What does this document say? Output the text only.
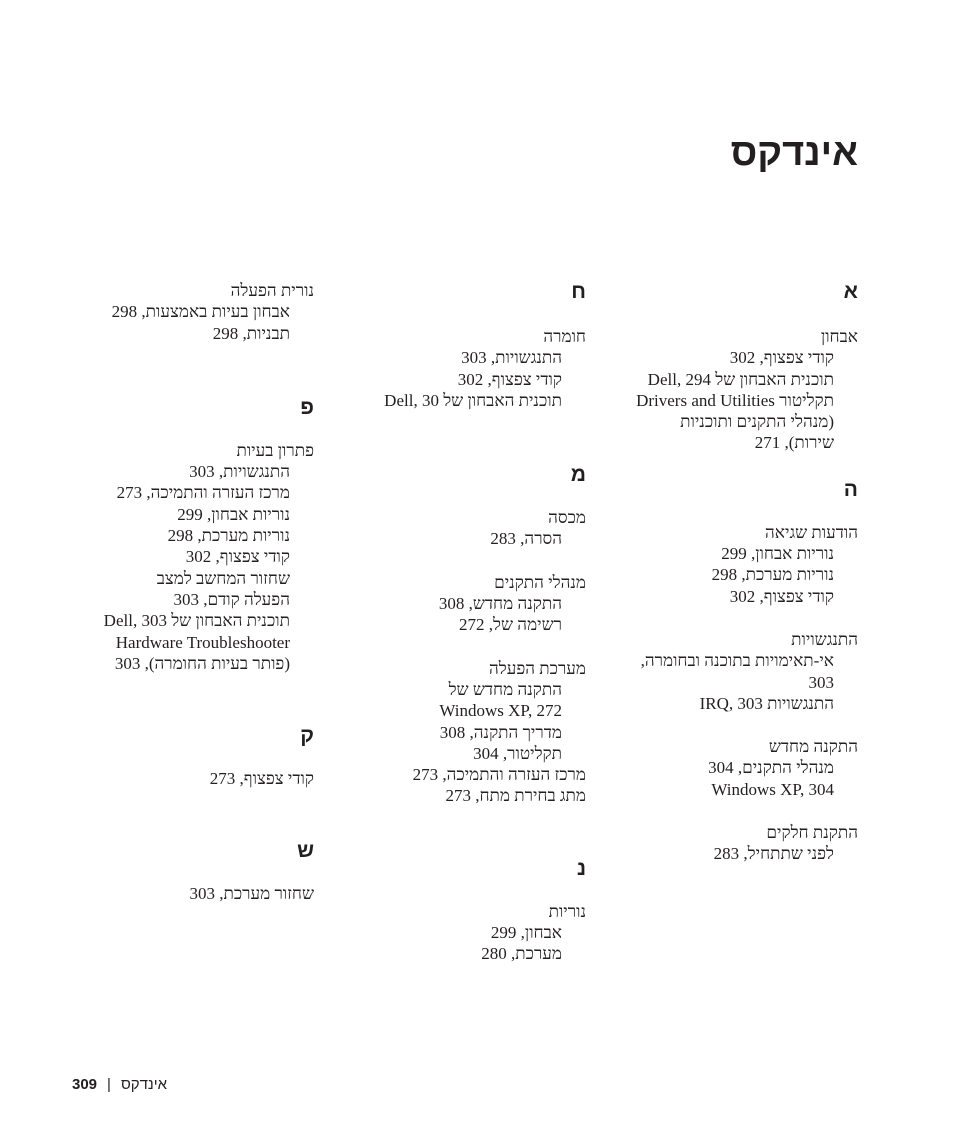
אינדקס
א
אבחון
קודי צפצוף, 302
תוכנית האבחון של Dell, 294
תקליטור Drivers and Utilities
(מנהלי התקנים ותוכניות
שירות), 271
ה
הודעות שגיאה
נוריות אבחון, 299
נוריות מערכת, 298
קודי צפצוף, 302
התנגשויות
אי-תאימויות בתוכנה ובחומרה,
303
התנגשויות IRQ, 303
התקנה מחדש
מנהלי התקנים, 304
Windows XP, 304
התקנת חלקים
לפני שתתחיל, 283
ח
חומרה
התנגשויות, 303
קודי צפצוף, 302
תוכנית האבחון של Dell, 30
מ
מכסה
הסרה, 283
מנהלי התקנים
התקנה מחדש, 308
רשימה של, 272
מערכת הפעלה
התקנה מחדש של
Windows XP, 272
מדריך התקנה, 308
תקליטור, 304
מרכז העזרה והתמיכה, 273
מתג בחירת מתח, 273
נ
נוריות
אבחון, 299
מערכת, 280
נורית הפעלה
אבחון בעיות באמצעות, 298
תבניות, 298
פ
פתרון בעיות
התנגשויות, 303
מרכז העזרה והתמיכה, 273
נוריות אבחון, 299
נוריות מערכת, 298
קודי צפצוף, 302
שחזור המחשב למצב
הפעלה קודם, 303
תוכנית האבחון של Dell, 303
Hardware Troubleshooter
(פותר בעיות החומרה), 303
ק
קודי צפצוף, 273
ש
שחזור מערכת, 303
309 | אינדקס
